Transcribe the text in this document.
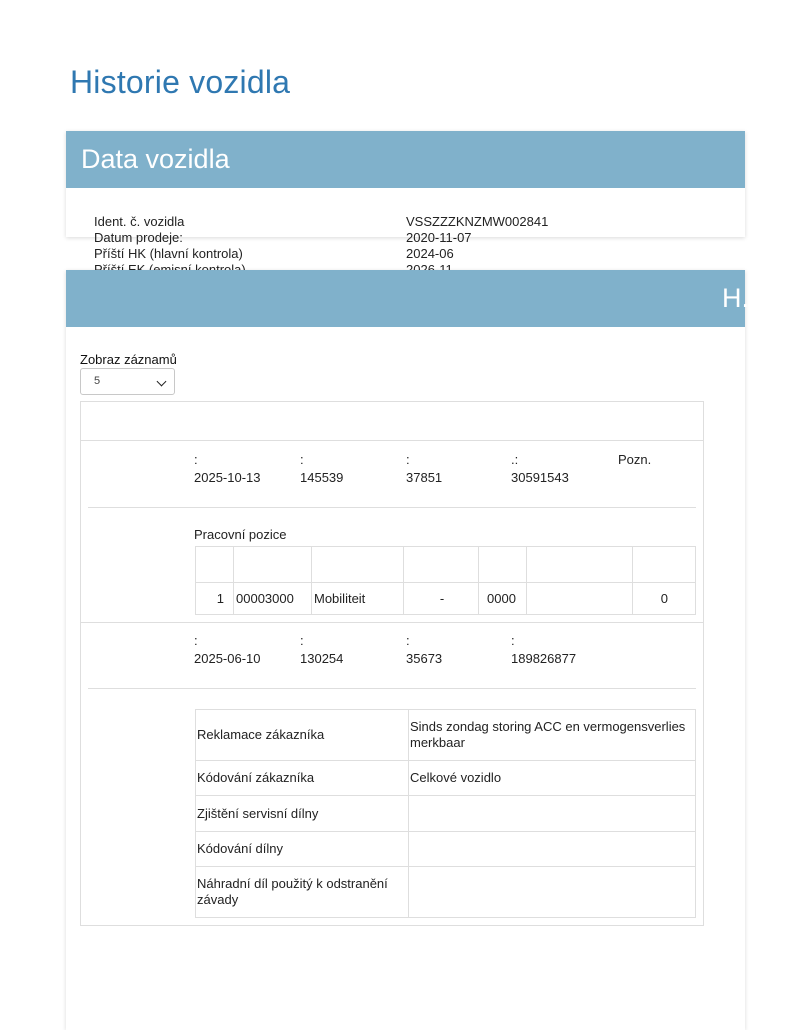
Historie vozidla
Data vozidla
Ident. č. vozidla	VSSZZZKNZMW002841
Datum prodeje:	2020-11-07
Příští HK (hlavní kontrola)	2024-06
H.
Zobraz záznamů
5
:	:	:	.:	Pozn.
2025-10-13	145539	37851	30591543
Pracovní pozice

1	00003000	Mobiliteit	-	0000		0
:	:	:	:
2025-06-10	130254	35673	189826877
Reklamace zákazníka	Sinds zondag storing ACC en vermogensverlies merkbaar
Kódování zákazníka	Celkové vozidlo
Zjištění servisní dílny	
Kódování dílny	
Náhradní díl použitý k odstranění závady	
